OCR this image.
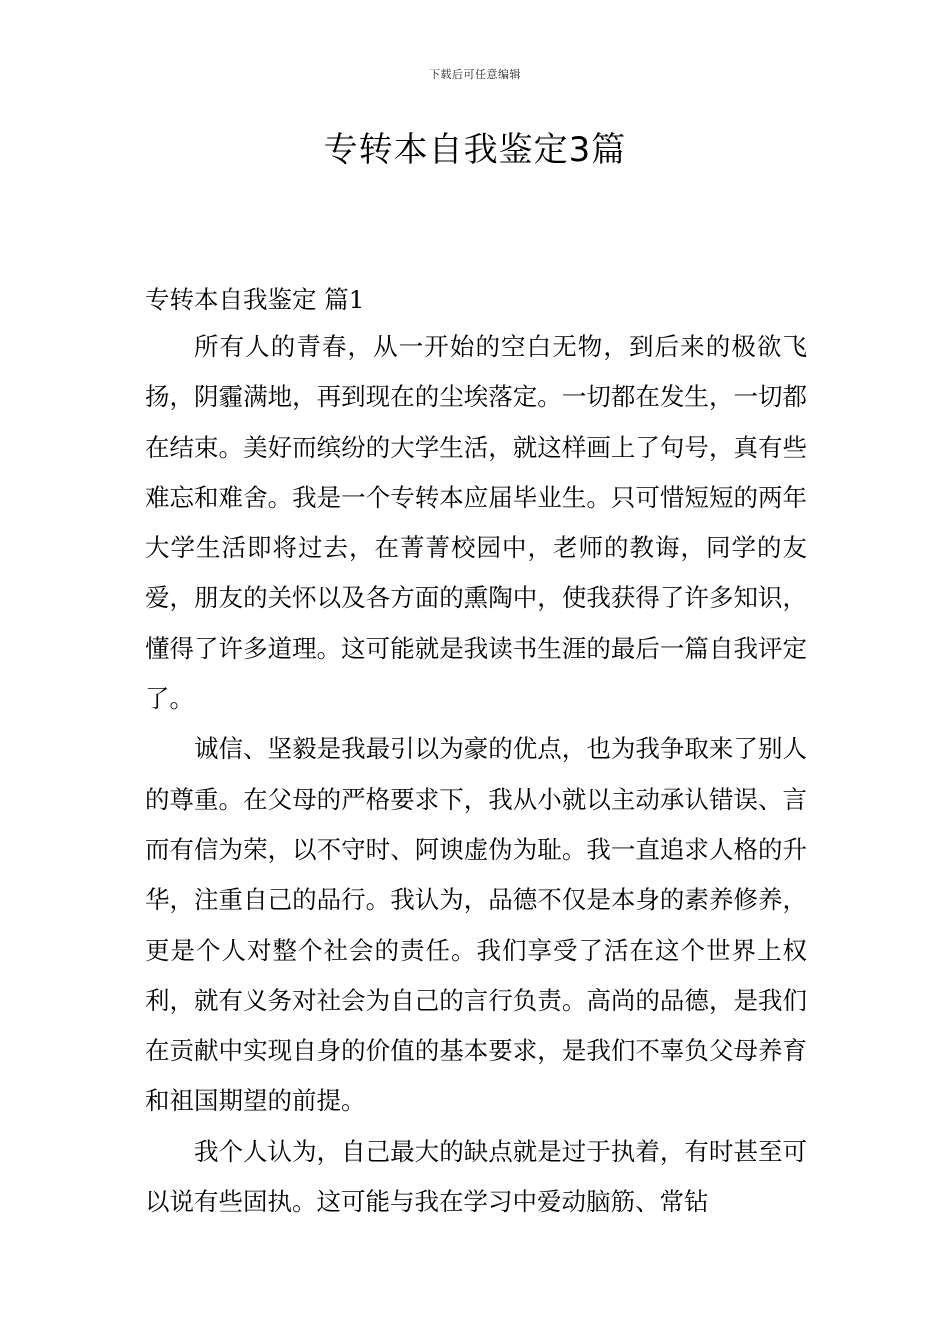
下载后可任意编辑
专转本自我鉴定3篇
专转本自我鉴定 篇1

所有人的青春，从一开始的空白无物，到后来的极欲飞扬，阴霾满地，再到现在的尘埃落定。一切都在发生，一切都在结束。美好而缤纷的大学生活，就这样画上了句号，真有些难忘和难舍。我是一个专转本应届毕业生。只可惜短短的两年大学生活即将过去，在菁菁校园中，老师的教诲，同学的友爱，朋友的关怀以及各方面的熏陶中，使我获得了许多知识，懂得了许多道理。这可能就是我读书生涯的最后一篇自我评定了。

诚信、坚毅是我最引以为豪的优点，也为我争取来了别人的尊重。在父母的严格要求下，我从小就以主动承认错误、言而有信为荣，以不守时、阿谀虚伪为耻。我一直追求人格的升华，注重自己的品行。我认为，品德不仅是本身的素养修养，更是个人对整个社会的责任。我们享受了活在这个世界上权利，就有义务对社会为自己的言行负责。高尚的品德，是我们在贡献中实现自身的价值的基本要求，是我们不辜负父母养育和祖国期望的前提。

我个人认为，自己最大的缺点就是过于执着，有时甚至可以说有些固执。这可能与我在学习中爱动脑筋、常钻
